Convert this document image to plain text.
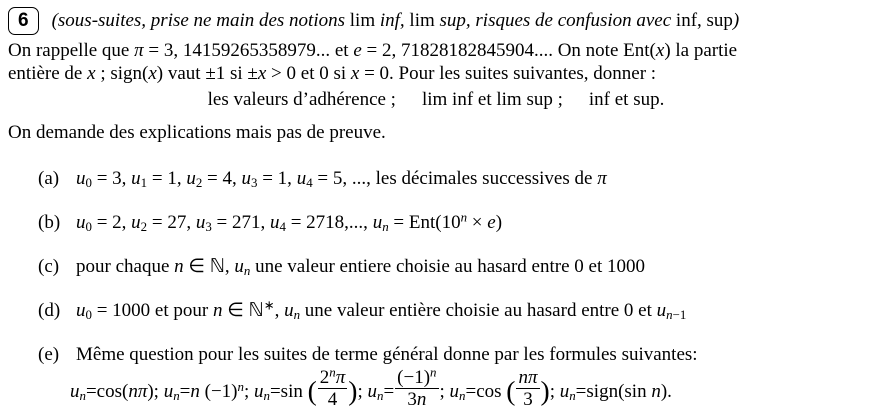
6	(sous-suites, prise ne main des notions lim inf, lim sup, risques de confusion avec inf, sup)
On rappelle que π = 3, 14159265358979... et e = 2, 71828182845904.... On note Ent(x) la partie
entière de x ; sign(x) vaut ±1 si ±x > 0 et 0 si x = 0. Pour les suites suivantes, donner :
les valeurs d’adhérence ; lim inf et lim sup ; inf et sup.
On demande des explications mais pas de preuve.
(a) $u_0 = 3$, $u_1 = 1$, $u_2 = 4$, $u_3 = 1$, $u_4 = 5$, ..., les décimales successives de π
(b) $u_0 = 2$, $u_2 = 27$, $u_3 = 271$, $u_4 = 2718$,..., $u_n = Ent(10^n \times e)$
(c) pour chaque n ∈ ℕ, $u_n$ une valeur entiere choisie au hasard entre 0 et 1000
(d) $u_0 = 1000$ et pour n ∈ ℕ∗, $u_n$ une valeur entière choisie au hasard entre 0 et $u_{n-1}$
(e) Même question pour les suites de terme général donne par les formules suivantes:
$u_n=\cos(n\pi)$; $u_n=n$ $(-1)^n$; $u_n=\sin$ ( $\frac{2^n\pi}{4}$ ); $u_n= \frac{(-1)^n}{3n}$ ; $u_n=\cos$ ( $\frac{n\pi}{3}$ ); $u_n=sign(\sin$ n).
